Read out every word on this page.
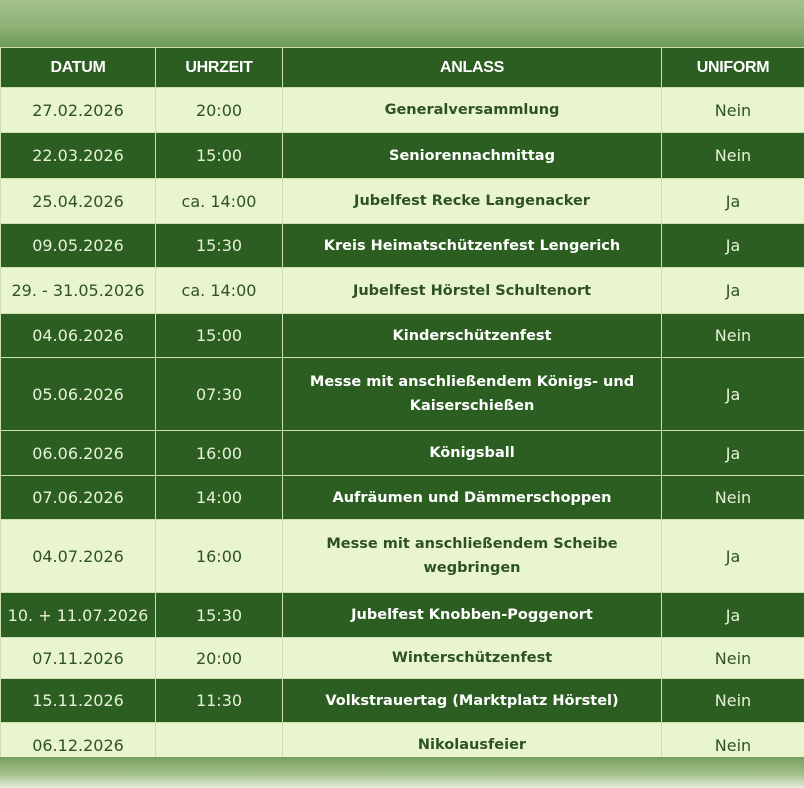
DATUM	UHRZEIT	ANLASS	UNIFORM
27.02.2026	20:00	Generalversammlung	Nein
22.03.2026	15:00	Seniorennachmittag	Nein
25.04.2026	ca. 14:00	Jubelfest Recke Langenacker	Ja
09.05.2026	15:30	Kreis Heimatschützenfest Lengerich	Ja
29. - 31.05.2026	ca. 14:00	Jubelfest Hörstel Schultenort	Ja
04.06.2026	15:00	Kinderschützenfest	Nein
05.06.2026	07:30	Messe mit anschließendem Königs- und Kaiserschießen	Ja
06.06.2026	16:00	Königsball	Ja
07.06.2026	14:00	Aufräumen und Dämmerschoppen	Nein
04.07.2026	16:00	Messe mit anschließendem Scheibe wegbringen	Ja
10. + 11.07.2026	15:30	Jubelfest Knobben-Poggenort	Ja
07.11.2026	20:00	Winterschützenfest	Nein
15.11.2026	11:30	Volkstrauertag (Marktplatz Hörstel)	Nein
06.12.2026		Nikolausfeier	Nein
